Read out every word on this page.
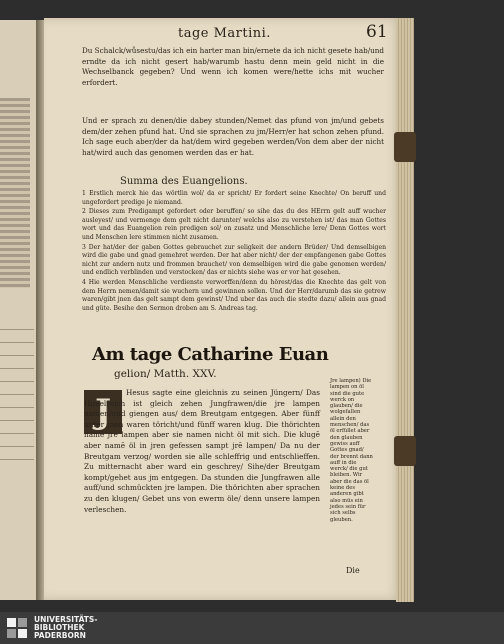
tage Martini.	61
Du Schalck/wůsestu/das ich ein harter man bin/ernete da ich nicht gesete hab/und erndte da ich nicht gesert hab/warumb hastu denn mein geld nicht in die Wechselbanck gegeben? Und wenn ich komen were/hette ichs mit wucher erfordert.
Und er sprach zu denen/die dabey stunden/Nemet das pfund von jm/und gebets dem/der zehen pfund hat. Und sie sprachen zu jm/Herr/er hat schon zehen pfund. Ich sage euch aber/der da hat/dem wird gegeben werden/Von dem aber der nicht hat/wird auch das genomen werden das er hat.
Summa des Euangelions.

1 Erstlich merck hie das wörtlin wol/ da er spricht/ Er fordert seine Knechte/ On beruff und ungefordert predige je niemand.

2 Dieses zum Predigampt gefordert oder beruffen/ so sihe das du des HErrn gelt auff wucher ausleyest/ und vermenge dem gelt nicht darunter/ welchs also zu verstehen ist/ das man Gottes wort und das Euangelion rein predigen sol/ on zusatz und Menschliche lere/ Denn Gottes wort und Menschen lere stimmen nicht zusamen.

3 Der hat/der der gaben Gottes gebrauchet zur seligkeit der andern Brüder/ Und demselbigen wird die gabe und gnad gemehret werden. Der hat aber nicht/ der der empfangenen gabe Gottes nicht zur andern nutz und frommen brauchet/ von demselbigen wird die gabe genomen werden/ und endlich verblinden und verstocken/ das er nichts siehe was er vor hat gesehen.

4 Hie werden Menschliche verdienste verworffen/denn du hörest/das die Knechte das gelt von dem Herrn nemen/damit sie wuchern und gewinnen sollen. Und der Herr/darumb das sie getrew waren/gibt jnen das gelt sampt dem gewinst/ Und uber das auch die stedte dazu/ allein aus gnad und güte. Besihe den Sermon droben am S. Andreas tag.

Am tage Catharine Euan
gelion/ Matth. XXV.
J	Hesus sagte eine gleichnis zu seinen Jüngern/ Das Himelreich ist gleich zehen Jungfrawen/die jre lampen namen/und giengen aus/ dem Breutgam entgegen. Aber fünff unter jnen waren töricht/und fünff waren klug. Die thörichten namē jre lampen aber sie namen nicht öl mit sich. Die klugē aber namē öl in jren gefessen sampt jrē lampen/ Da nu der Breutgam verzog/ worden sie alle schleffrig und entschlieffen. Zu mitternacht aber ward ein geschrey/ Sihe/der Breutgam kompt/gehet aus jm entgegen. Da stunden die Jungfrawen alle auff/und schmückten jre lampen. Die thörichten aber sprachen zu den klugen/ Gebet uns von ewerm öle/ denn unsere lampen verleschen.
Jre lampen) Die lampen on öl sind die gute werck on glauben/ die wolgefallen allein den menschen/ das öl erfüllet aber den glauben gewiss auff Gottes gnad/ der brennt dann auff in die werck/ die gut bleiben. Wir aber die das öl keine des anderen gibt also müs ein jedes sein für sich selbs gleuben.
Die
UNIVERSITÄTS-
BIBLIOTHEK
PADERBORN
